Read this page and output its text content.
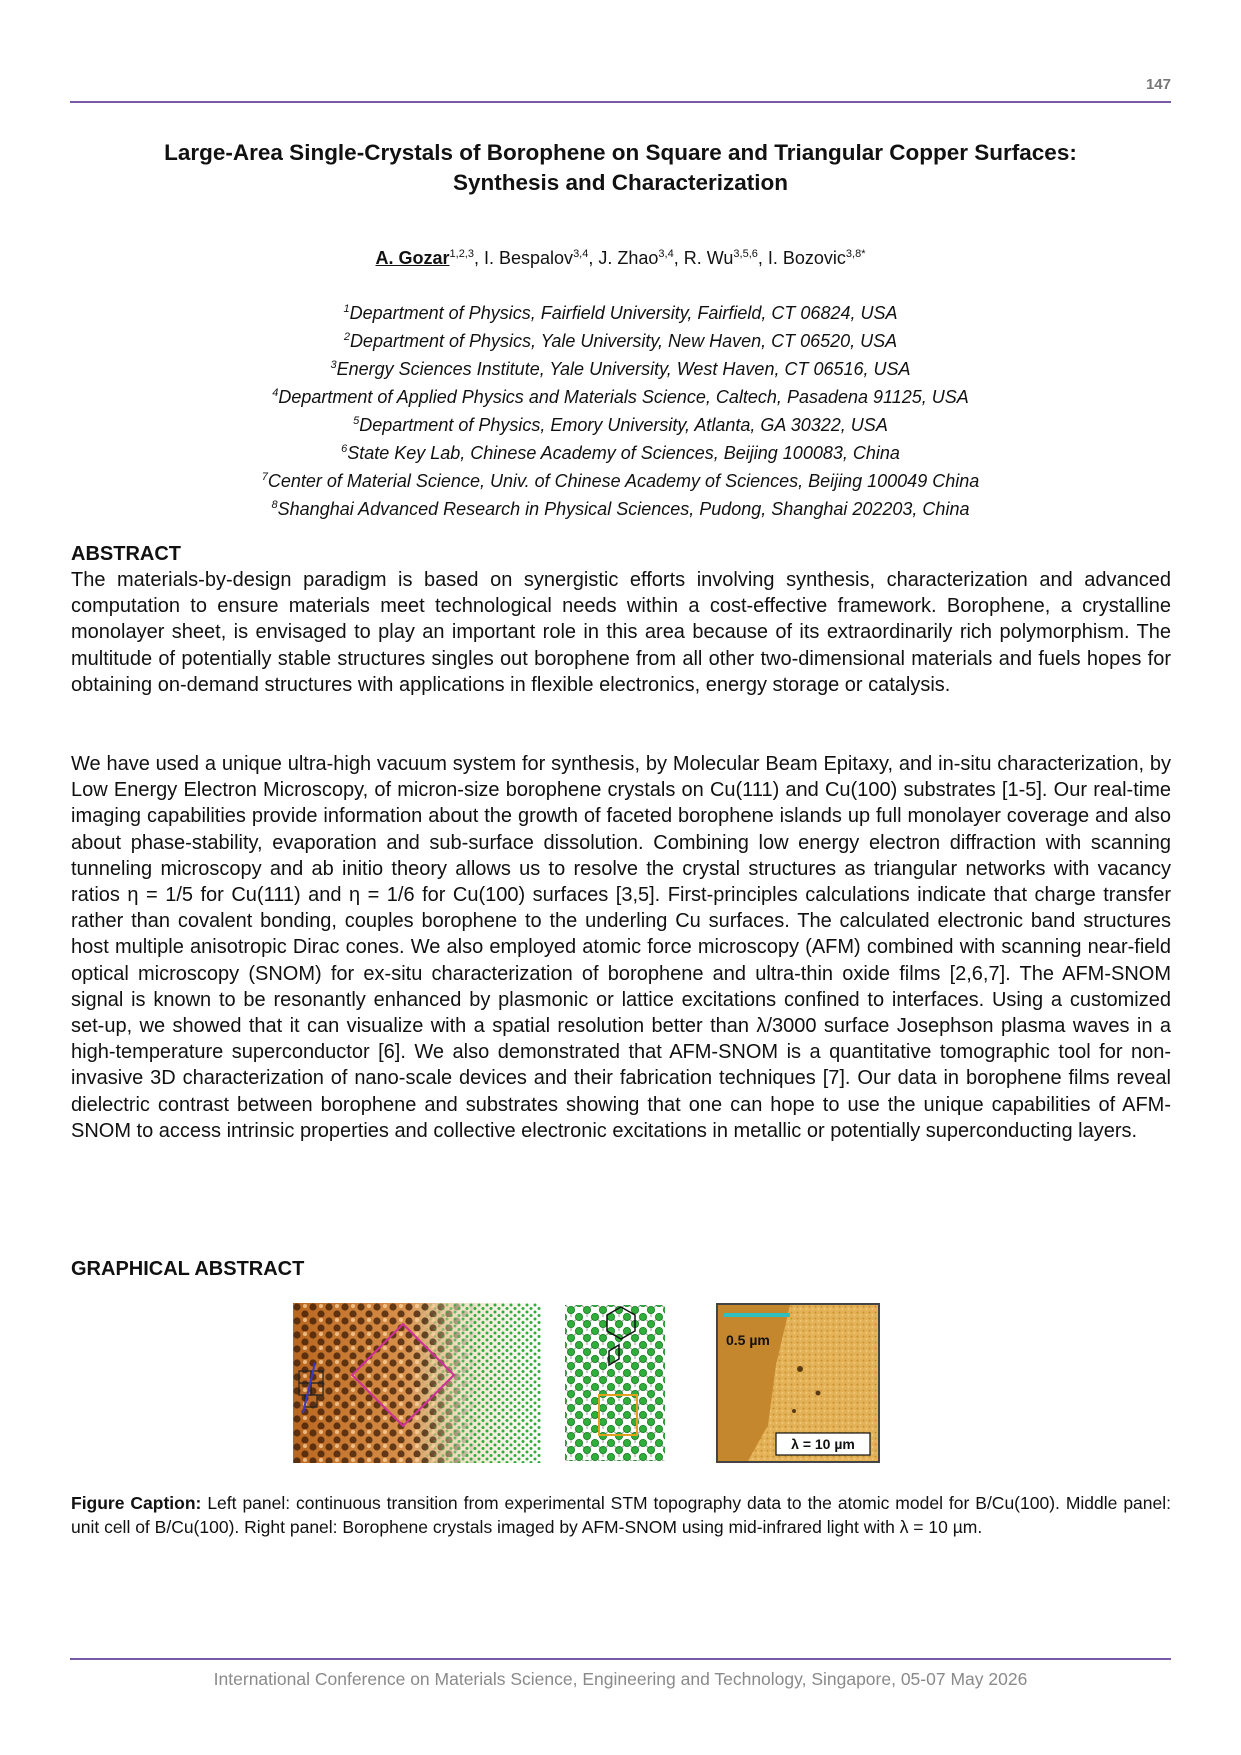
147
Large-Area Single-Crystals of Borophene on Square and Triangular Copper Surfaces:
Synthesis and Characterization
A. Gozar$^{1,2,3}$, I. Bespalov$^{3,4}$, J. Zhao$^{3,4}$, R. Wu$^{3,5,6}$, I. Bozovic$^{3,8*}$
$^1$Department of Physics, Fairfield University, Fairfield, CT 06824, USA
$^2$Department of Physics, Yale University, New Haven, CT 06520, USA
$^3$Energy Sciences Institute, Yale University, West Haven, CT 06516, USA
$^4$Department of Applied Physics and Materials Science, Caltech, Pasadena 91125, USA
$^5$Department of Physics, Emory University, Atlanta, GA 30322, USA
$^6$State Key Lab, Chinese Academy of Sciences, Beijing 100083, China
$^7$Center of Material Science, Univ. of Chinese Academy of Sciences, Beijing 100049 China
$^8$Shanghai Advanced Research in Physical Sciences, Pudong, Shanghai 202203, China
ABSTRACT

The materials-by-design paradigm is based on synergistic efforts involving synthesis, characterization and advanced computation to ensure materials meet technological needs within a cost-effective framework. Borophene, a crystalline monolayer sheet, is envisaged to play an important role in this area because of its extraordinarily rich polymorphism. The multitude of potentially stable structures singles out borophene from all other two-dimensional materials and fuels hopes for obtaining on-demand structures with applications in flexible electronics, energy storage or catalysis.

We have used a unique ultra-high vacuum system for synthesis, by Molecular Beam Epitaxy, and in-situ characterization, by Low Energy Electron Microscopy, of micron-size borophene crystals on Cu(111) and Cu(100) substrates [1-5]. Our real-time imaging capabilities provide information about the growth of faceted borophene islands up full monolayer coverage and also about phase-stability, evaporation and sub-surface dissolution. Combining low energy electron diffraction with scanning tunneling microscopy and ab initio theory allows us to resolve the crystal structures as triangular networks with vacancy ratios η = 1/5 for Cu(111) and η = 1/6 for Cu(100) surfaces [3,5]. First-principles calculations indicate that charge transfer rather than covalent bonding, couples borophene to the underling Cu surfaces. The calculated electronic band structures host multiple anisotropic Dirac cones. We also employed atomic force microscopy (AFM) combined with scanning near-field optical microscopy (SNOM) for ex-situ characterization of borophene and ultra-thin oxide films [2,6,7]. The AFM-SNOM signal is known to be resonantly enhanced by plasmonic or lattice excitations confined to interfaces. Using a customized set-up, we showed that it can visualize with a spatial resolution better than λ/3000 surface Josephson plasma waves in a high-temperature superconductor [6]. We also demonstrated that AFM-SNOM is a quantitative tomographic tool for non-invasive 3D characterization of nano-scale devices and their fabrication techniques [7]. Our data in borophene films reveal dielectric contrast between borophene and substrates showing that one can hope to use the unique capabilities of AFM-SNOM to access intrinsic properties and collective electronic excitations in metallic or potentially superconducting layers.

GRAPHICAL ABSTRACT
0.5 µm
λ = 10 µm

Figure Caption: Left panel: continuous transition from experimental STM topography data to the atomic model for B/Cu(100). Middle panel: unit cell of B/Cu(100). Right panel: Borophene crystals imaged by AFM-SNOM using mid-infrared light with λ = 10 µm.

International Conference on Materials Science, Engineering and Technology, Singapore, 05-07 May 2026
